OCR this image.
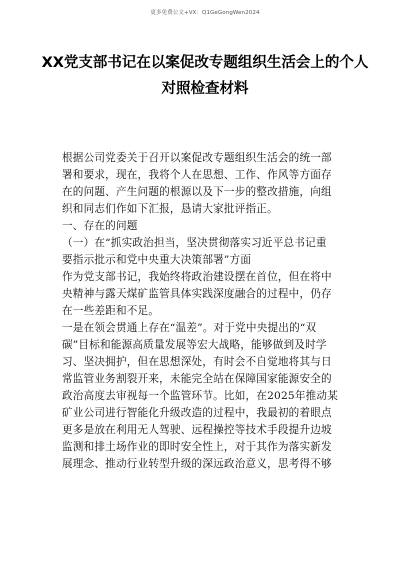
更多免费公文+VX：Q1GeGongWen2024
XX党支部书记在以案促改专题组织生活会上的个人
对照检查材料
根据公司党委关于召开以案促改专题组织生活会的统一部
署和要求，现在，我将个人在思想、工作、作风等方面存
在的问题、产生问题的根源以及下一步的整改措施，向组
织和同志们作如下汇报，恳请大家批评指正。
一、存在的问题
（一）在“抓实政治担当，坚决贯彻落实习近平总书记重
要指示批示和党中央重大决策部署”方面
作为党支部书记，我始终将政治建设摆在首位，但在将中
央精神与露天煤矿监管具体实践深度融合的过程中，仍存
在一些差距和不足。
一是在领会贯通上存在“温差”。对于党中央提出的“双
碳”目标和能源高质量发展等宏大战略，能够做到及时学
习、坚决拥护，但在思想深处，有时会不自觉地将其与日
常监管业务割裂开来，未能完全站在保障国家能源安全的
政治高度去审视每一个监管环节。比如，在2025年推动某
矿业公司进行智能化升级改造的过程中，我最初的着眼点
更多是放在利用无人驾驶、远程操控等技术手段提升边坡
监测和排土场作业的即时安全性上，对于其作为落实新发
展理念、推动行业转型升级的深远政治意义，思考得不够
